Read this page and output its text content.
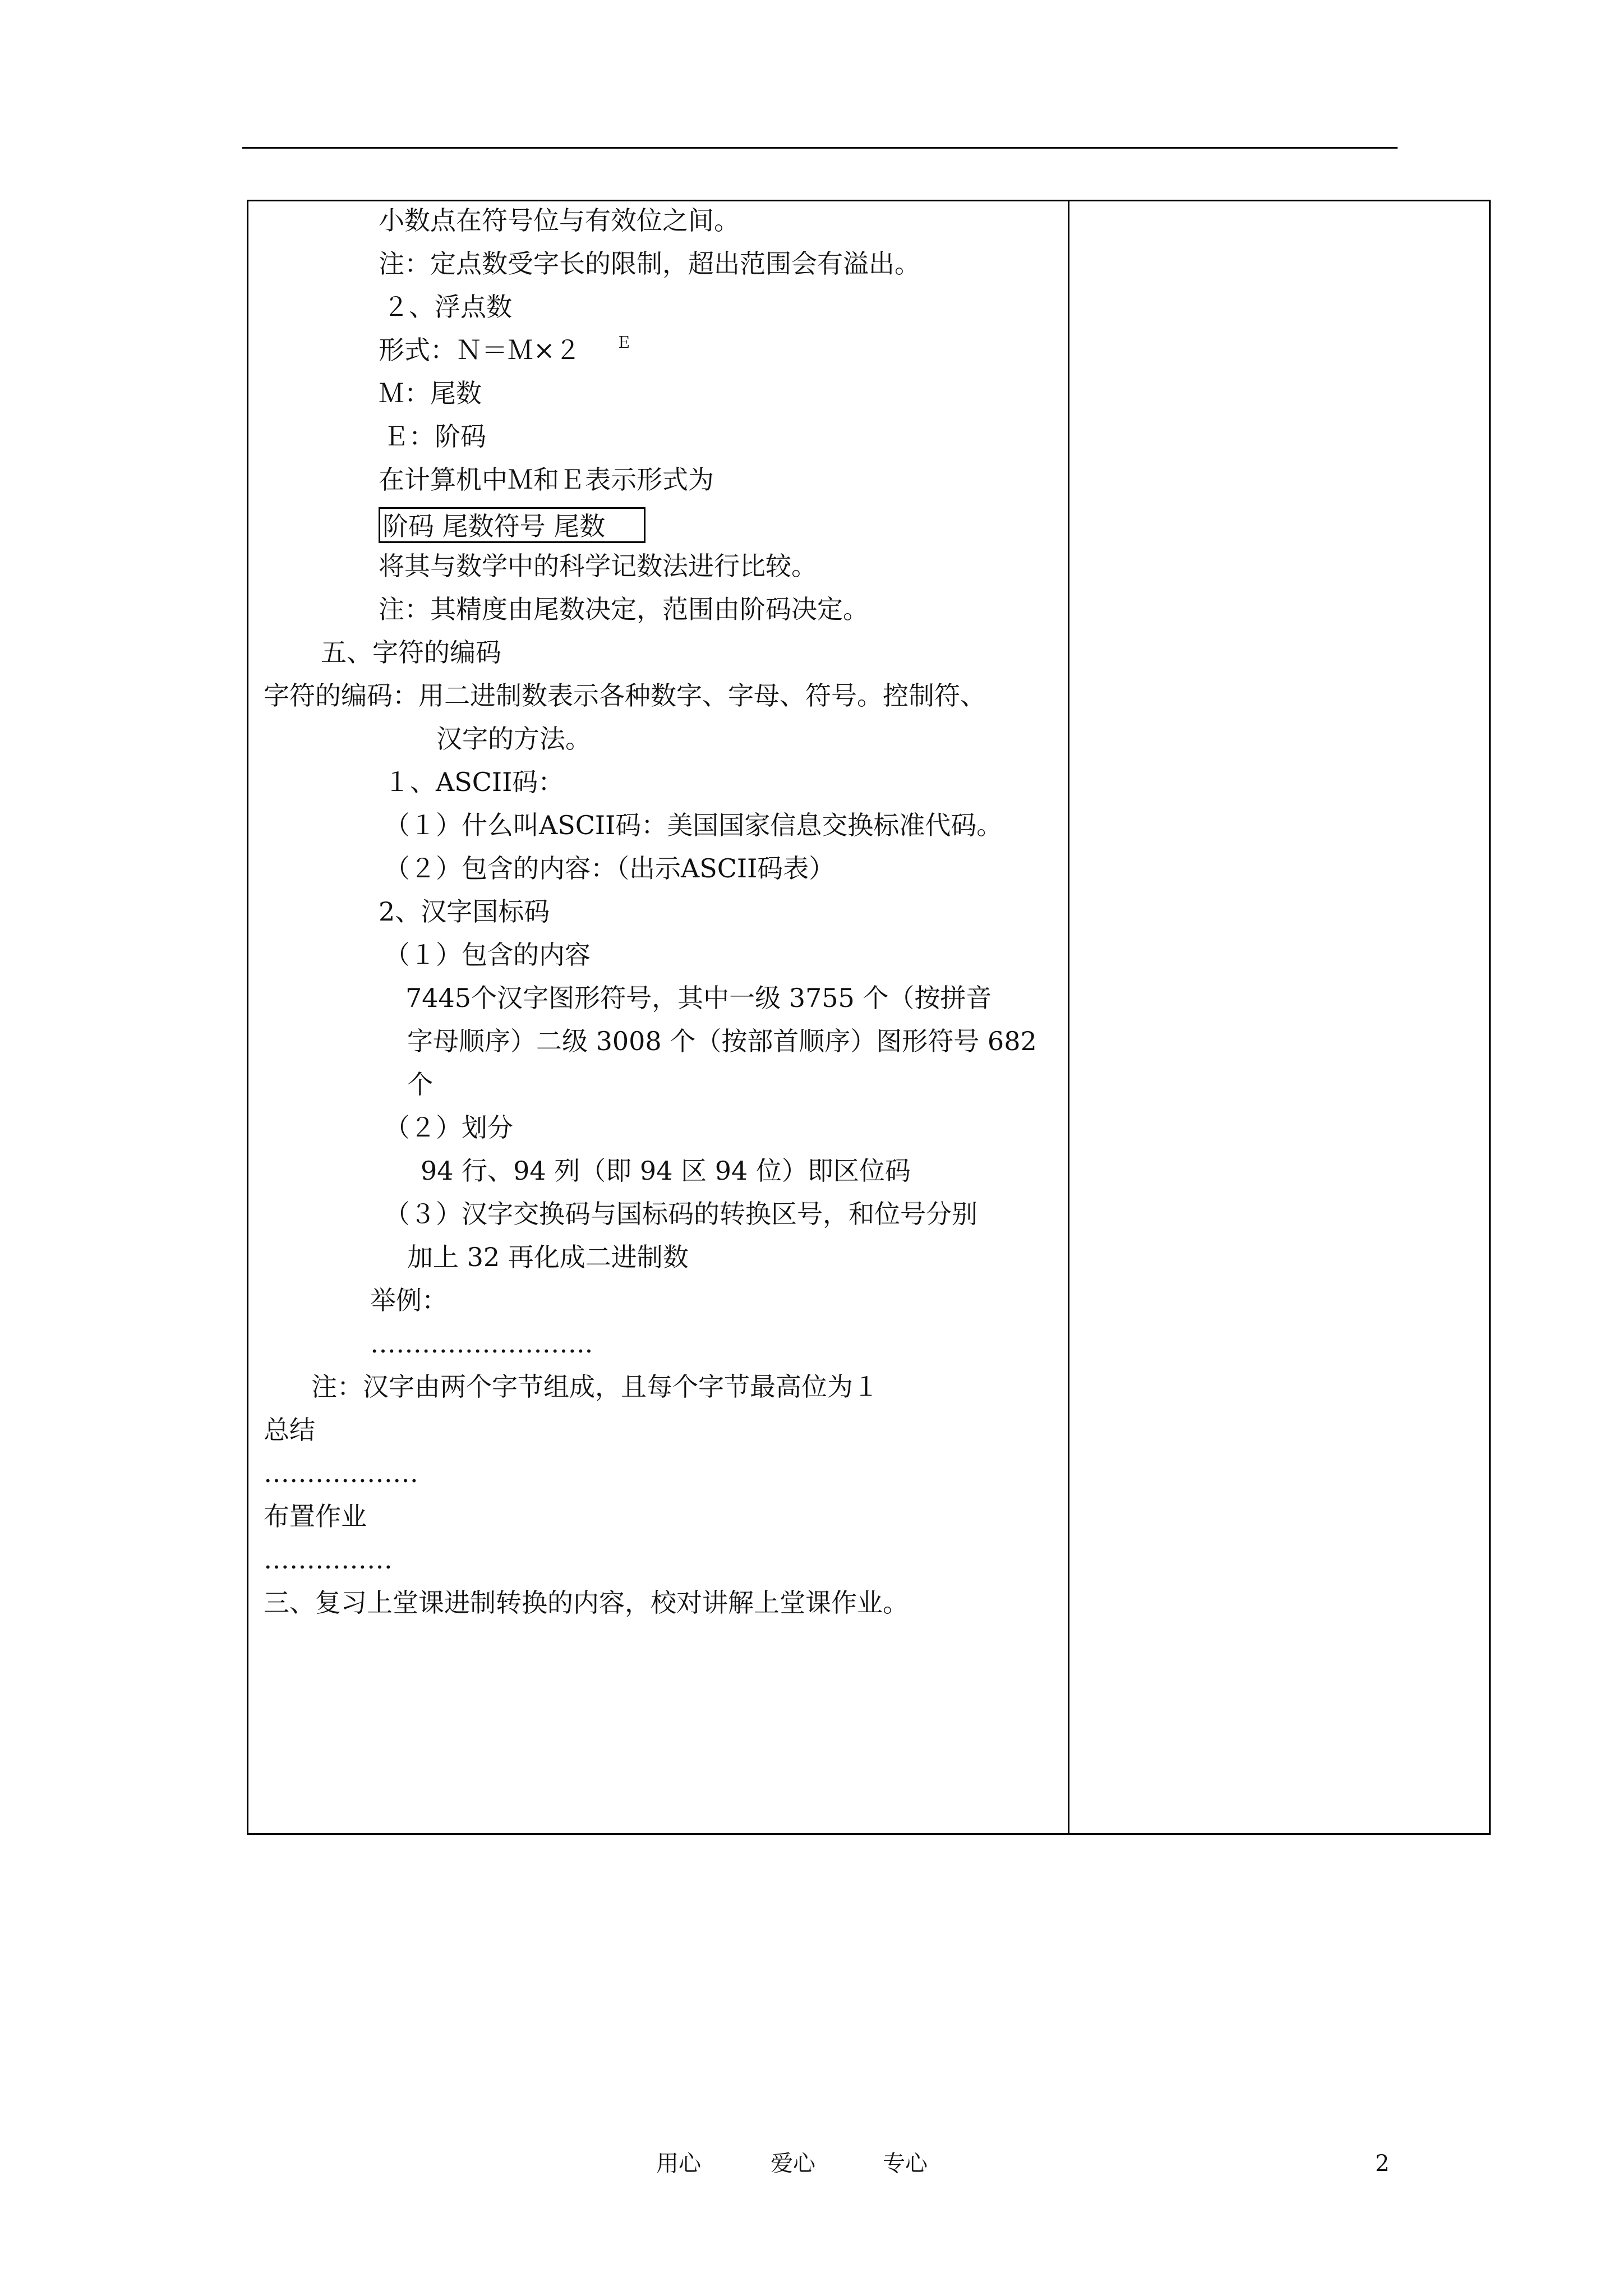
小数点在符号位与有效位之间。
注：定点数受字长的限制，超出范围会有溢出。
２、浮点数
形式：Ｎ＝Ｍ×２ Ｅ
Ｍ：尾数
Ｅ：阶码
在计算机中Ｍ和Ｅ表示形式为
阶码 尾数符号 尾数
将其与数学中的科学记数法进行比较。
注：其精度由尾数决定，范围由阶码决定。
五、字符的编码
字符的编码：用二进制数表示各种数字、字母、符号。控制符、
汉字的方法。
１、ASCII码：
（１）什么叫ASCII码：美国国家信息交换标准代码。
（２）包含的内容：（出示ASCII码表）
2、汉字国标码
（１）包含的内容
7445个汉字图形符号，其中一级 3755 个（按拼音
字母顺序）二级 3008 个（按部首顺序）图形符号 682
个
（２）划分
94 行、94 列（即 94 区 94 位）即区位码
（３）汉字交换码与国标码的转换区号，和位号分别
加上 32 再化成二进制数
举例：
……………………..
注：汉字由两个字节组成，且每个字节最高位为１
总结
………………
布置作业
……………
三、复习上堂课进制转换的内容，校对讲解上堂课作业。
用心	爱心	专心	2
